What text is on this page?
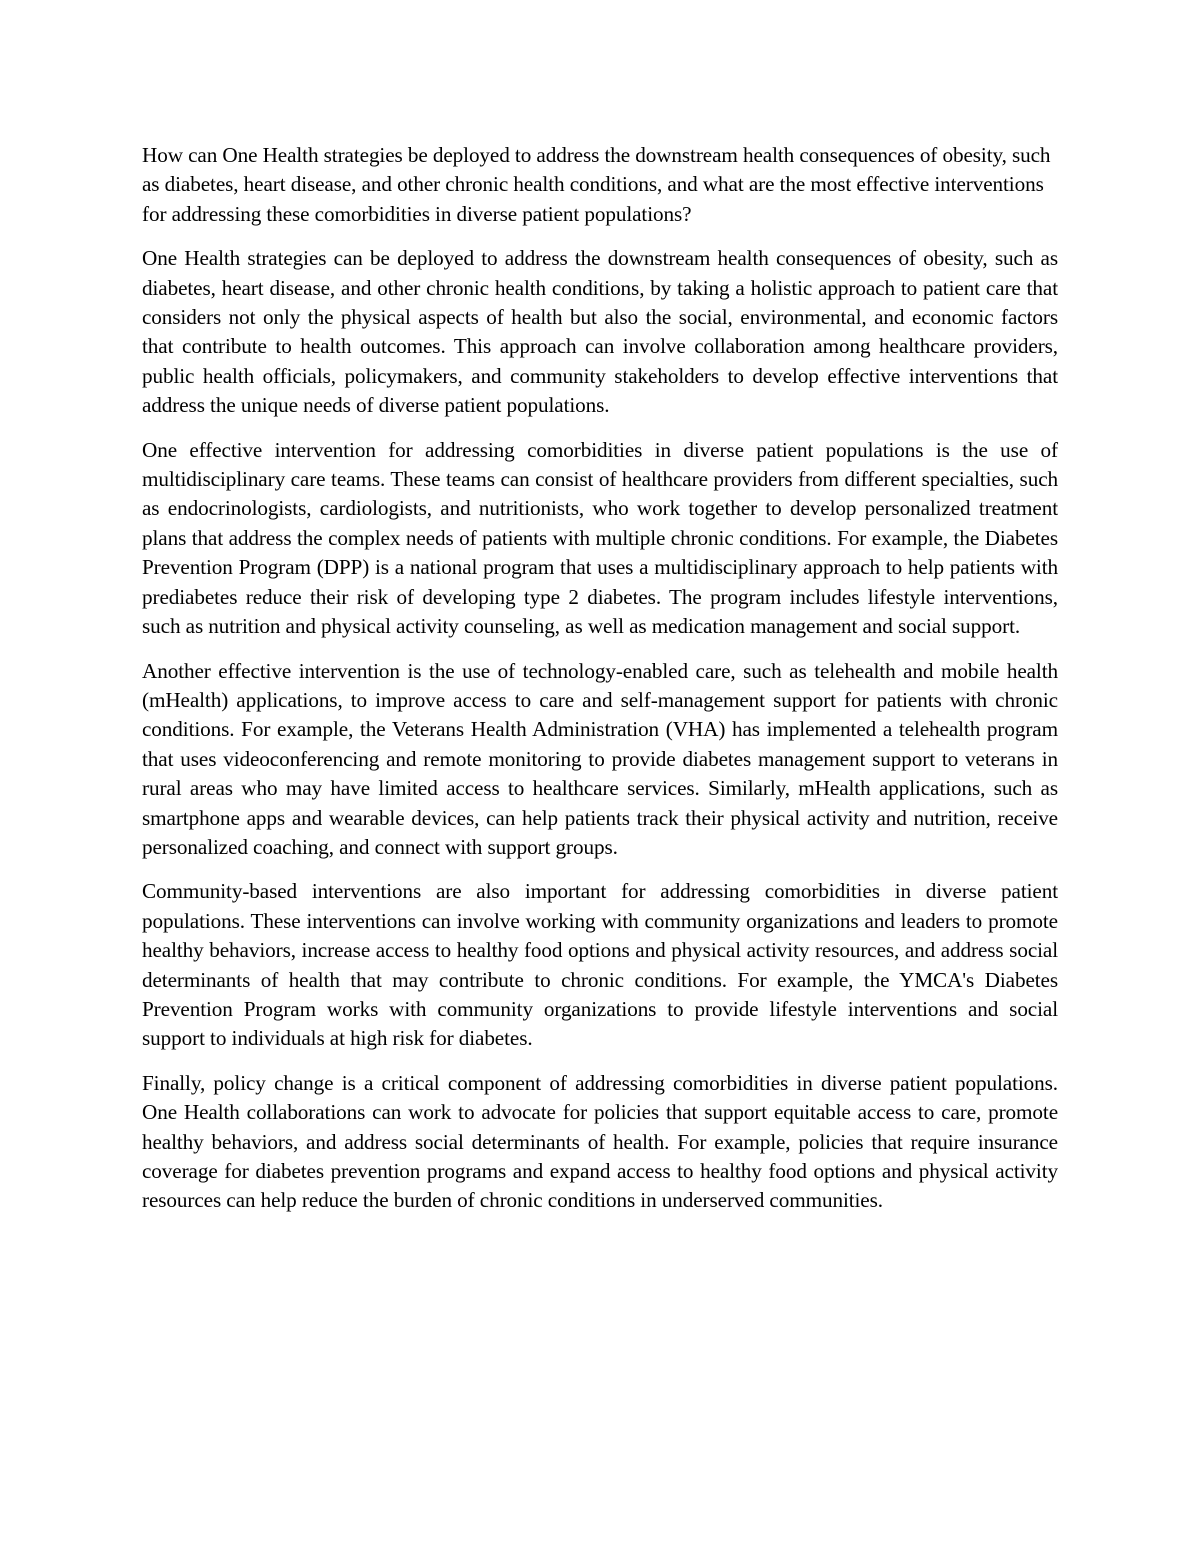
How can One Health strategies be deployed to address the downstream health consequences of obesity, such as diabetes, heart disease, and other chronic health conditions, and what are the most effective interventions for addressing these comorbidities in diverse patient populations?

One Health strategies can be deployed to address the downstream health consequences of obesity, such as diabetes, heart disease, and other chronic health conditions, by taking a holistic approach to patient care that considers not only the physical aspects of health but also the social, environmental, and economic factors that contribute to health outcomes. This approach can involve collaboration among healthcare providers, public health officials, policymakers, and community stakeholders to develop effective interventions that address the unique needs of diverse patient populations.

One effective intervention for addressing comorbidities in diverse patient populations is the use of multidisciplinary care teams. These teams can consist of healthcare providers from different specialties, such as endocrinologists, cardiologists, and nutritionists, who work together to develop personalized treatment plans that address the complex needs of patients with multiple chronic conditions. For example, the Diabetes Prevention Program (DPP) is a national program that uses a multidisciplinary approach to help patients with prediabetes reduce their risk of developing type 2 diabetes. The program includes lifestyle interventions, such as nutrition and physical activity counseling, as well as medication management and social support.

Another effective intervention is the use of technology-enabled care, such as telehealth and mobile health (mHealth) applications, to improve access to care and self-management support for patients with chronic conditions. For example, the Veterans Health Administration (VHA) has implemented a telehealth program that uses videoconferencing and remote monitoring to provide diabetes management support to veterans in rural areas who may have limited access to healthcare services. Similarly, mHealth applications, such as smartphone apps and wearable devices, can help patients track their physical activity and nutrition, receive personalized coaching, and connect with support groups.

Community-based interventions are also important for addressing comorbidities in diverse patient populations. These interventions can involve working with community organizations and leaders to promote healthy behaviors, increase access to healthy food options and physical activity resources, and address social determinants of health that may contribute to chronic conditions. For example, the YMCA's Diabetes Prevention Program works with community organizations to provide lifestyle interventions and social support to individuals at high risk for diabetes.

Finally, policy change is a critical component of addressing comorbidities in diverse patient populations. One Health collaborations can work to advocate for policies that support equitable access to care, promote healthy behaviors, and address social determinants of health. For example, policies that require insurance coverage for diabetes prevention programs and expand access to healthy food options and physical activity resources can help reduce the burden of chronic conditions in underserved communities.
